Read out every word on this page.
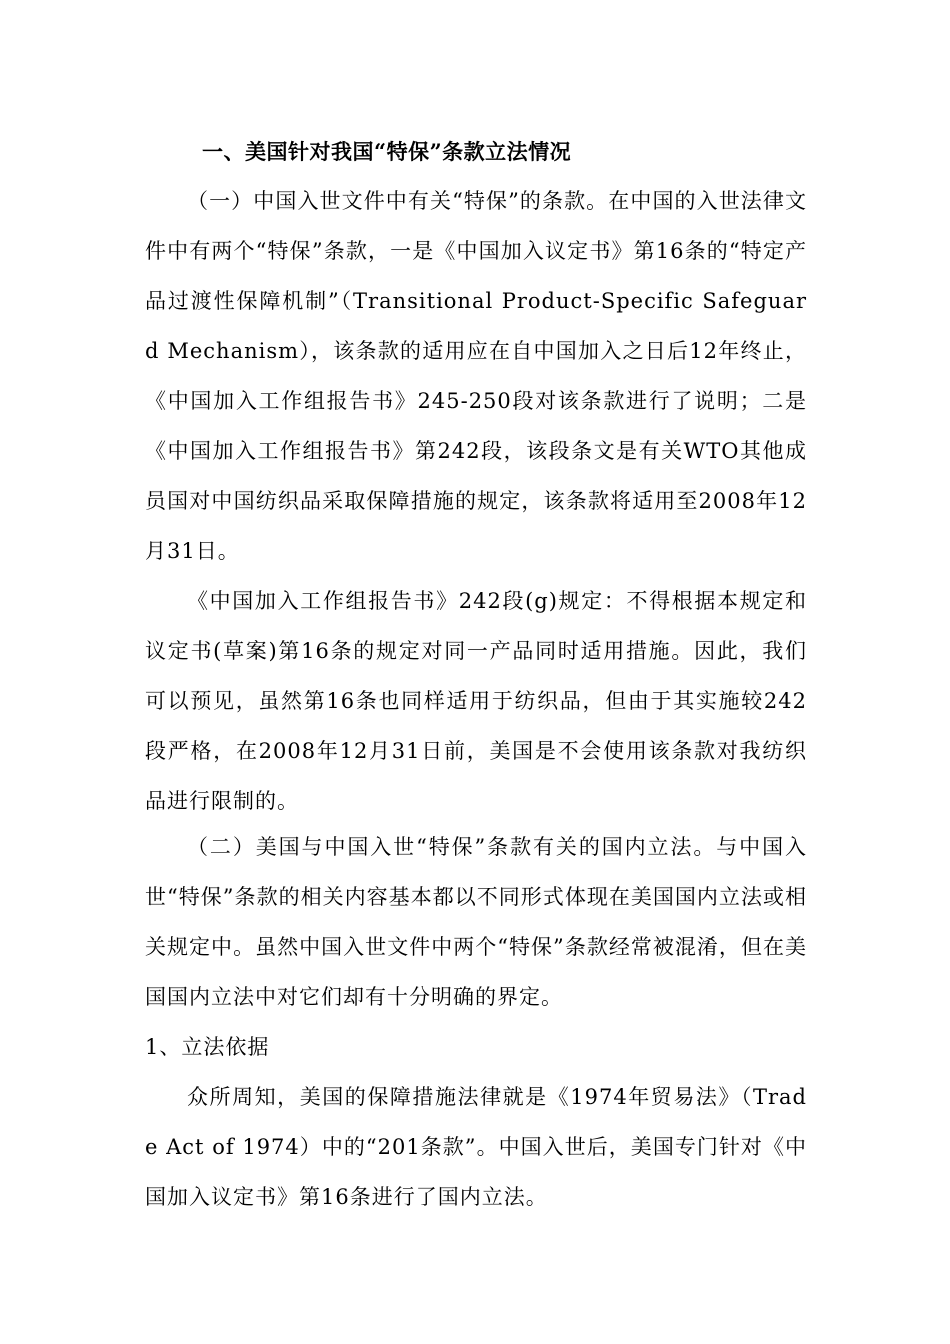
一、美国针对我国“特保”条款立法情况
（一）中国入世文件中有关“特保”的条款。在中国的入世法律文件中有两个“特保”条款，一是《中国加入议定书》第16条的“特定产品过渡性保障机制”（Transitional Product-Specific Safeguard Mechanism），该条款的适用应在自中国加入之日后12年终止，《中国加入工作组报告书》245-250段对该条款进行了说明；二是《中国加入工作组报告书》第242段，该段条文是有关WTO其他成员国对中国纺织品采取保障措施的规定，该条款将适用至2008年12月31日。
《中国加入工作组报告书》242段(g)规定：不得根据本规定和议定书(草案)第16条的规定对同一产品同时适用措施。因此，我们可以预见，虽然第16条也同样适用于纺织品，但由于其实施较242段严格，在2008年12月31日前，美国是不会使用该条款对我纺织品进行限制的。
（二）美国与中国入世“特保”条款有关的国内立法。与中国入世“特保”条款的相关内容基本都以不同形式体现在美国国内立法或相关规定中。虽然中国入世文件中两个“特保”条款经常被混淆，但在美国国内立法中对它们却有十分明确的界定。
1、立法依据
众所周知，美国的保障措施法律就是《1974年贸易法》（Trade Act of 1974）中的“201条款”。中国入世后，美国专门针对《中国加入议定书》第16条进行了国内立法。
